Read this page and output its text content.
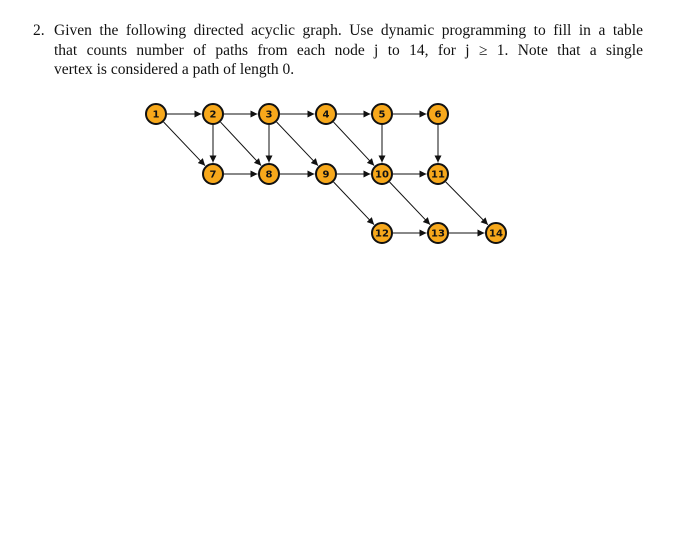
2. Given the following directed acyclic graph. Use dynamic programming to fill in a table
that counts number of paths from each node j to 14, for j ≥ 1. Note that a single
vertex is considered a path of length 0.
1	2	3	4	5	6
7	8	9	10	11
12	13	14
